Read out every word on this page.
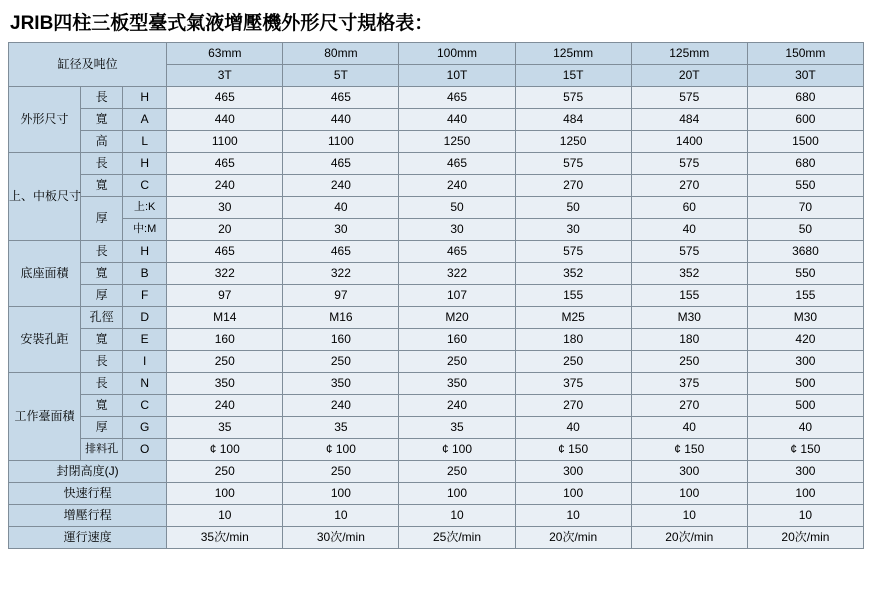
JRIB四柱三板型臺式氣液增壓機外形尺寸規格表：
缸径及吨位			63mm	80mm	100mm	125mm	125mm	150mm
			3T	5T	10T	15T	20T	30T
外形尺寸	長	H	465	465	465	575	575	680
	寬	A	440	440	440	484	484	600
	高	L	1100	1100	1250	1250	1400	1500
上、中板尺寸	長	H	465	465	465	575	575	680
	寬	C	240	240	240	270	270	550
	厚	上:K	30	40	50	50	60	70
		中:M	20	30	30	30	40	50
底座面積	長	H	465	465	465	575	575	3680
	寬	B	322	322	322	352	352	550
	厚	F	97	97	107	155	155	155
安裝孔距	孔徑	D	M14	M16	M20	M25	M30	M30
	寬	E	160	160	160	180	180	420
	長	I	250	250	250	250	250	300
工作臺面積	長	N	350	350	350	375	375	500
	寬	C	240	240	240	270	270	500
	厚	G	35	35	35	40	40	40
	排料孔	O	¢ 100	¢ 100	¢ 100	¢ 150	¢ 150	¢ 150
封閉高度(J)			250	250	250	300	300	300
快速行程			100	100	100	100	100	100
增壓行程			10	10	10	10	10	10
運行速度			35次/min	30次/min	25次/min	20次/min	20次/min	20次/min
